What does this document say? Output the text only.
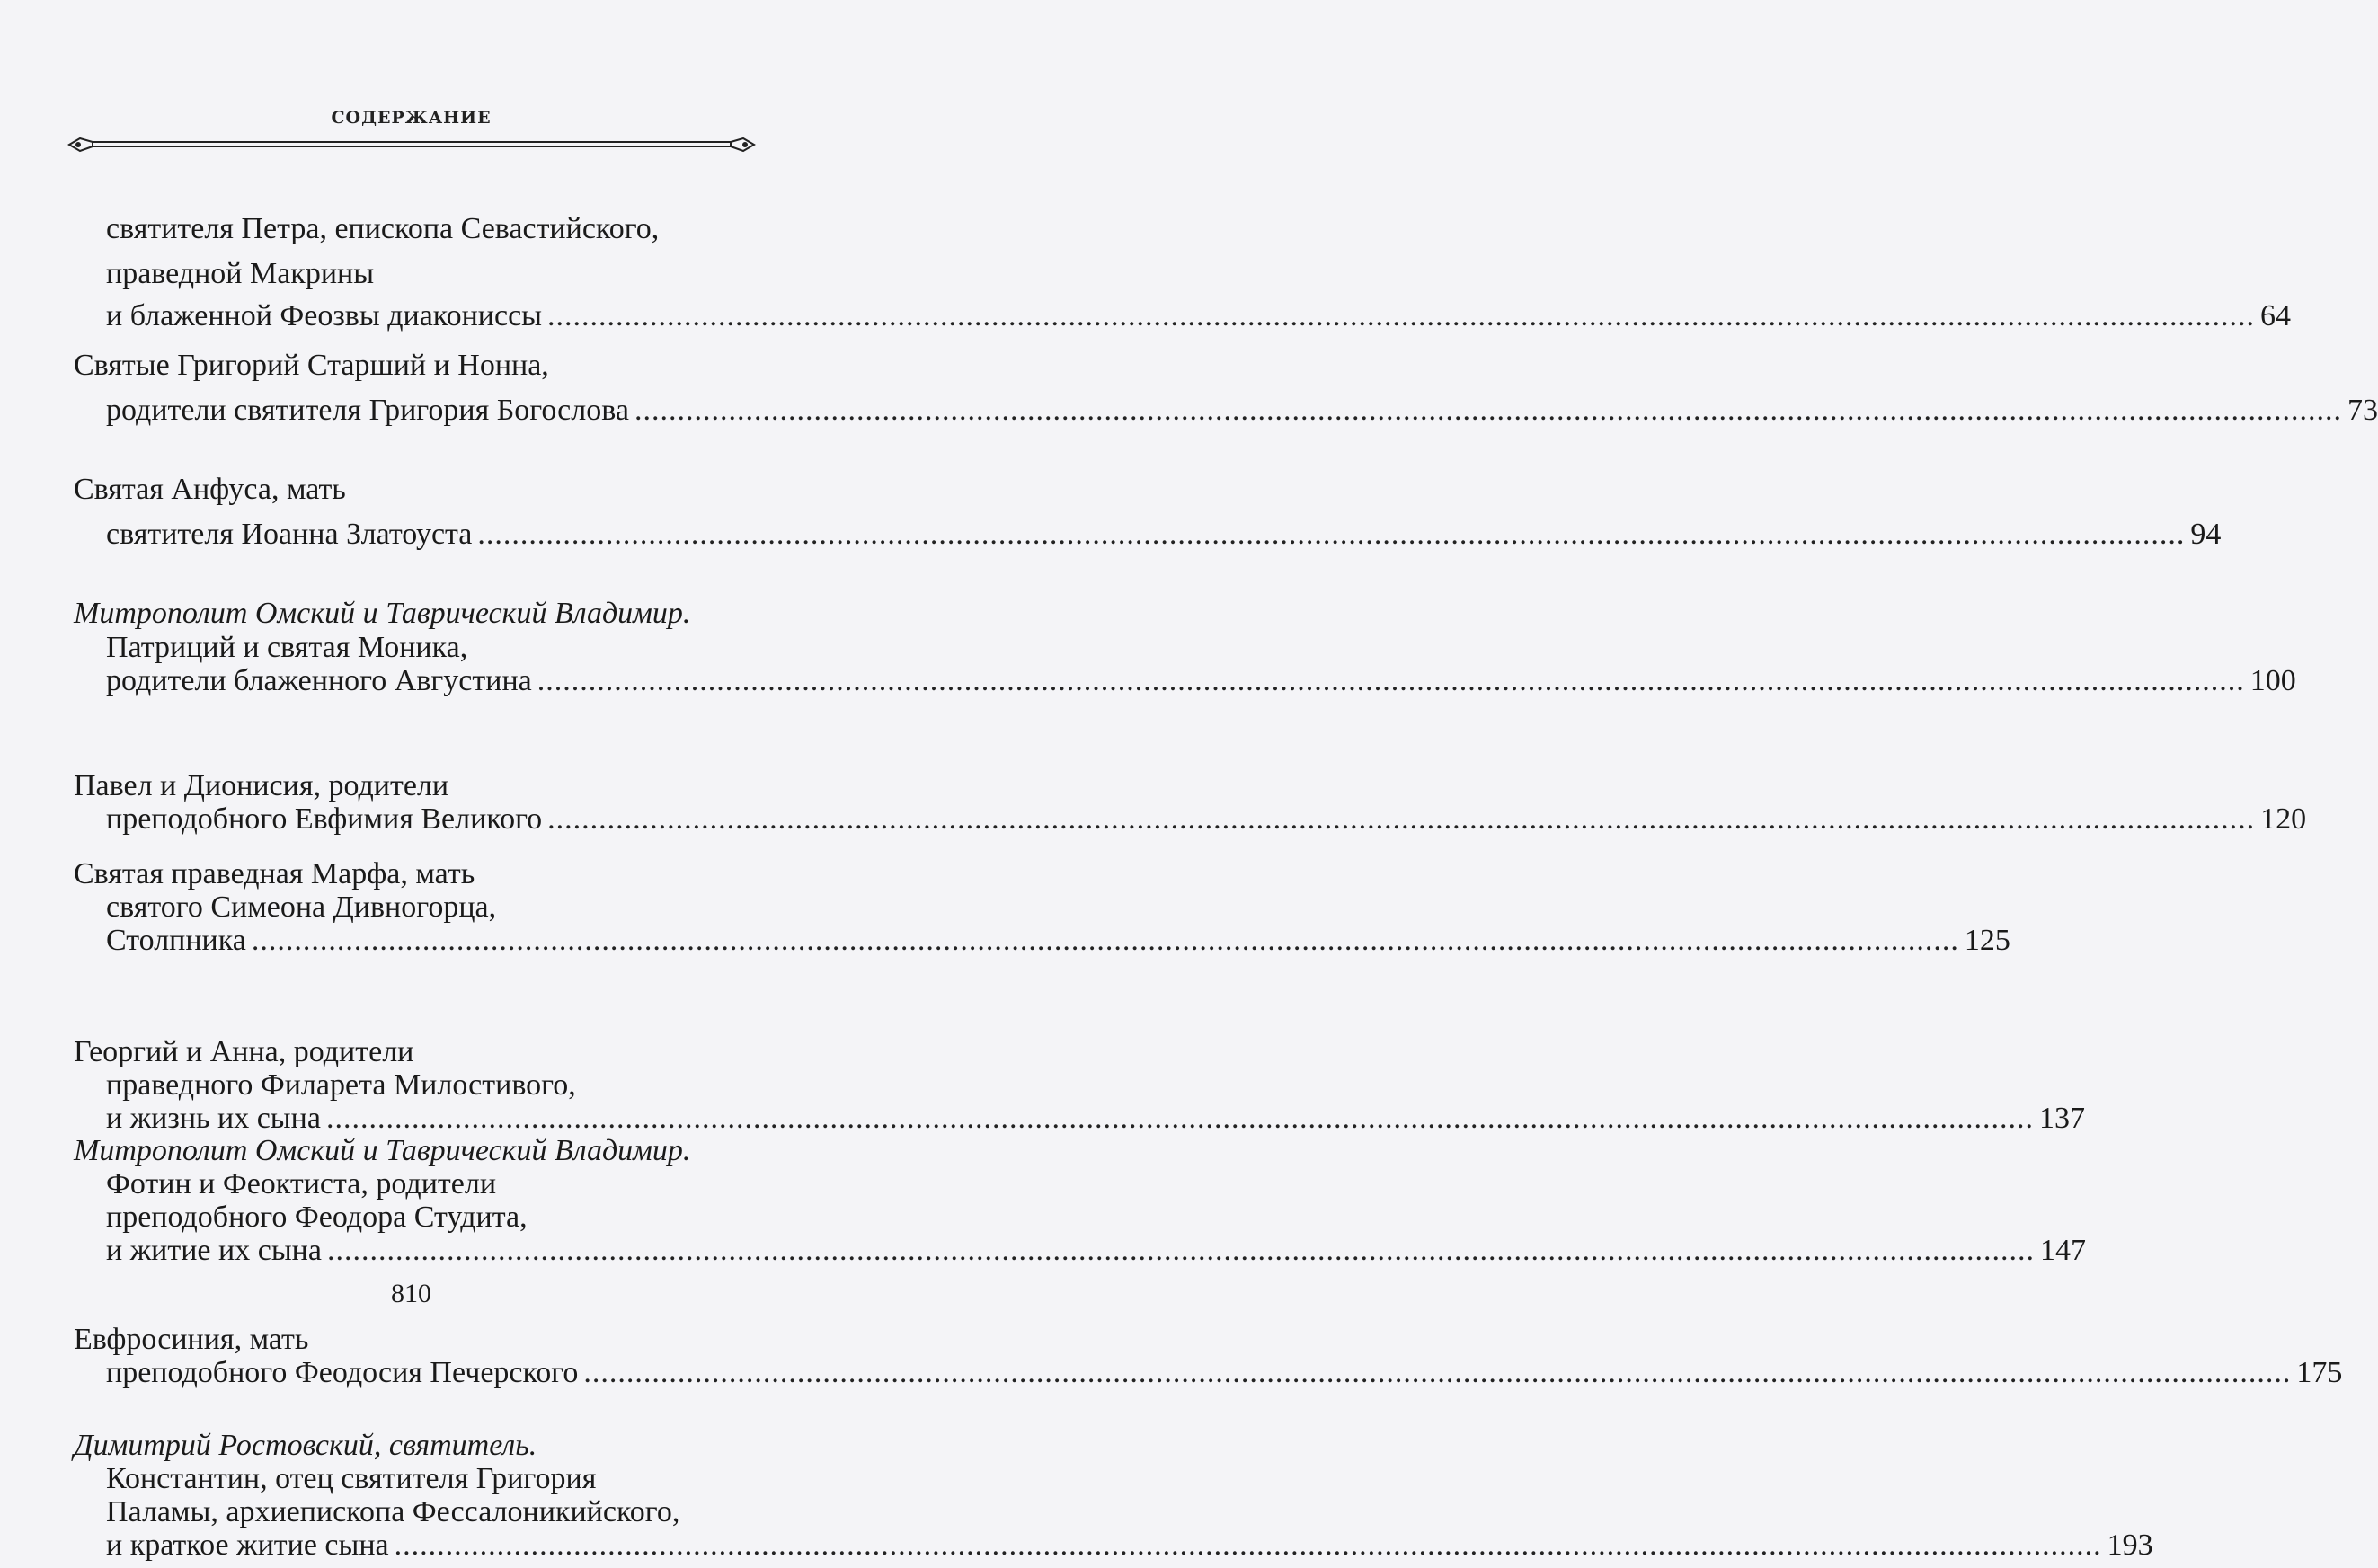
СОДЕРЖАНИЕ
святителя Петра, епископа Севастийского,
праведной Макрины
и блаженной Феозвы диакониссы ........................................................................................................................................................................................................ 64
Святые Григорий Старший и Нонна,
родители святителя Григория Богослова ........................................................................................................................................................................................................ 73
Святая Анфуса, мать
святителя Иоанна Златоуста ........................................................................................................................................................................................................ 94
Митрополит Омский и Таврический Владимир.
Патриций и святая Моника,
родители блаженного Августина ........................................................................................................................................................................................................ 100
Павел и Дионисия, родители
преподобного Евфимия Великого ........................................................................................................................................................................................................ 120
Святая праведная Марфа, мать
святого Симеона Дивногорца,
Столпника ........................................................................................................................................................................................................ 125
Георгий и Анна, родители
праведного Филарета Милостивого,
и жизнь их сына ........................................................................................................................................................................................................ 137
Митрополит Омский и Таврический Владимир.
Фотин и Феоктиста, родители
преподобного Феодора Студита,
и житие их сына ........................................................................................................................................................................................................ 147
Евфросиния, мать
преподобного Феодосия Печерского ........................................................................................................................................................................................................ 175
Димитрий Ростовский, святитель.
Константин, отец святителя Григория
Паламы, архиепископа Фессалоникийского,
и краткое житие сына ........................................................................................................................................................................................................ 193
810
